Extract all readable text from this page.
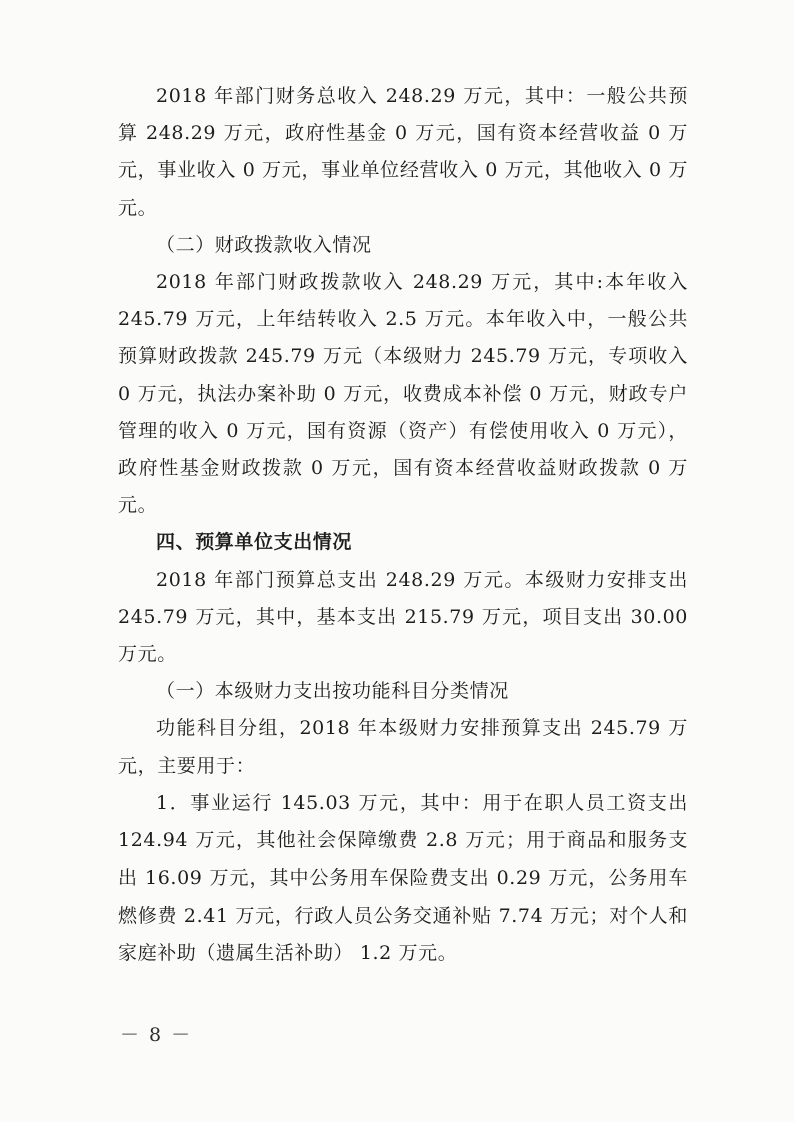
2018 年部门财务总收入 248.29 万元，其中：一般公共预算 248.29 万元，政府性基金 0 万元，国有资本经营收益 0 万元，事业收入 0 万元，事业单位经营收入 0 万元，其他收入 0 万元。

（二）财政拨款收入情况

2018 年部门财政拨款收入 248.29 万元，其中:本年收入 245.79 万元，上年结转收入 2.5 万元。本年收入中，一般公共预算财政拨款 245.79 万元（本级财力 245.79 万元，专项收入 0 万元，执法办案补助 0 万元，收费成本补偿 0 万元，财政专户管理的收入 0 万元，国有资源（资产）有偿使用收入 0 万元），政府性基金财政拨款 0 万元，国有资本经营收益财政拨款 0 万元。

四、预算单位支出情况

2018 年部门预算总支出 248.29 万元。本级财力安排支出 245.79 万元，其中，基本支出 215.79 万元，项目支出 30.00 万元。

（一）本级财力支出按功能科目分类情况

功能科目分组，2018 年本级财力安排预算支出 245.79 万元，主要用于：

1．事业运行 145.03 万元，其中：用于在职人员工资支出 124.94 万元，其他社会保障缴费 2.8 万元；用于商品和服务支出 16.09 万元，其中公务用车保险费支出 0.29 万元，公务用车燃修费 2.41 万元，行政人员公务交通补贴 7.74 万元；对个人和家庭补助（遗属生活补助） 1.2 万元。

－ 8 －
